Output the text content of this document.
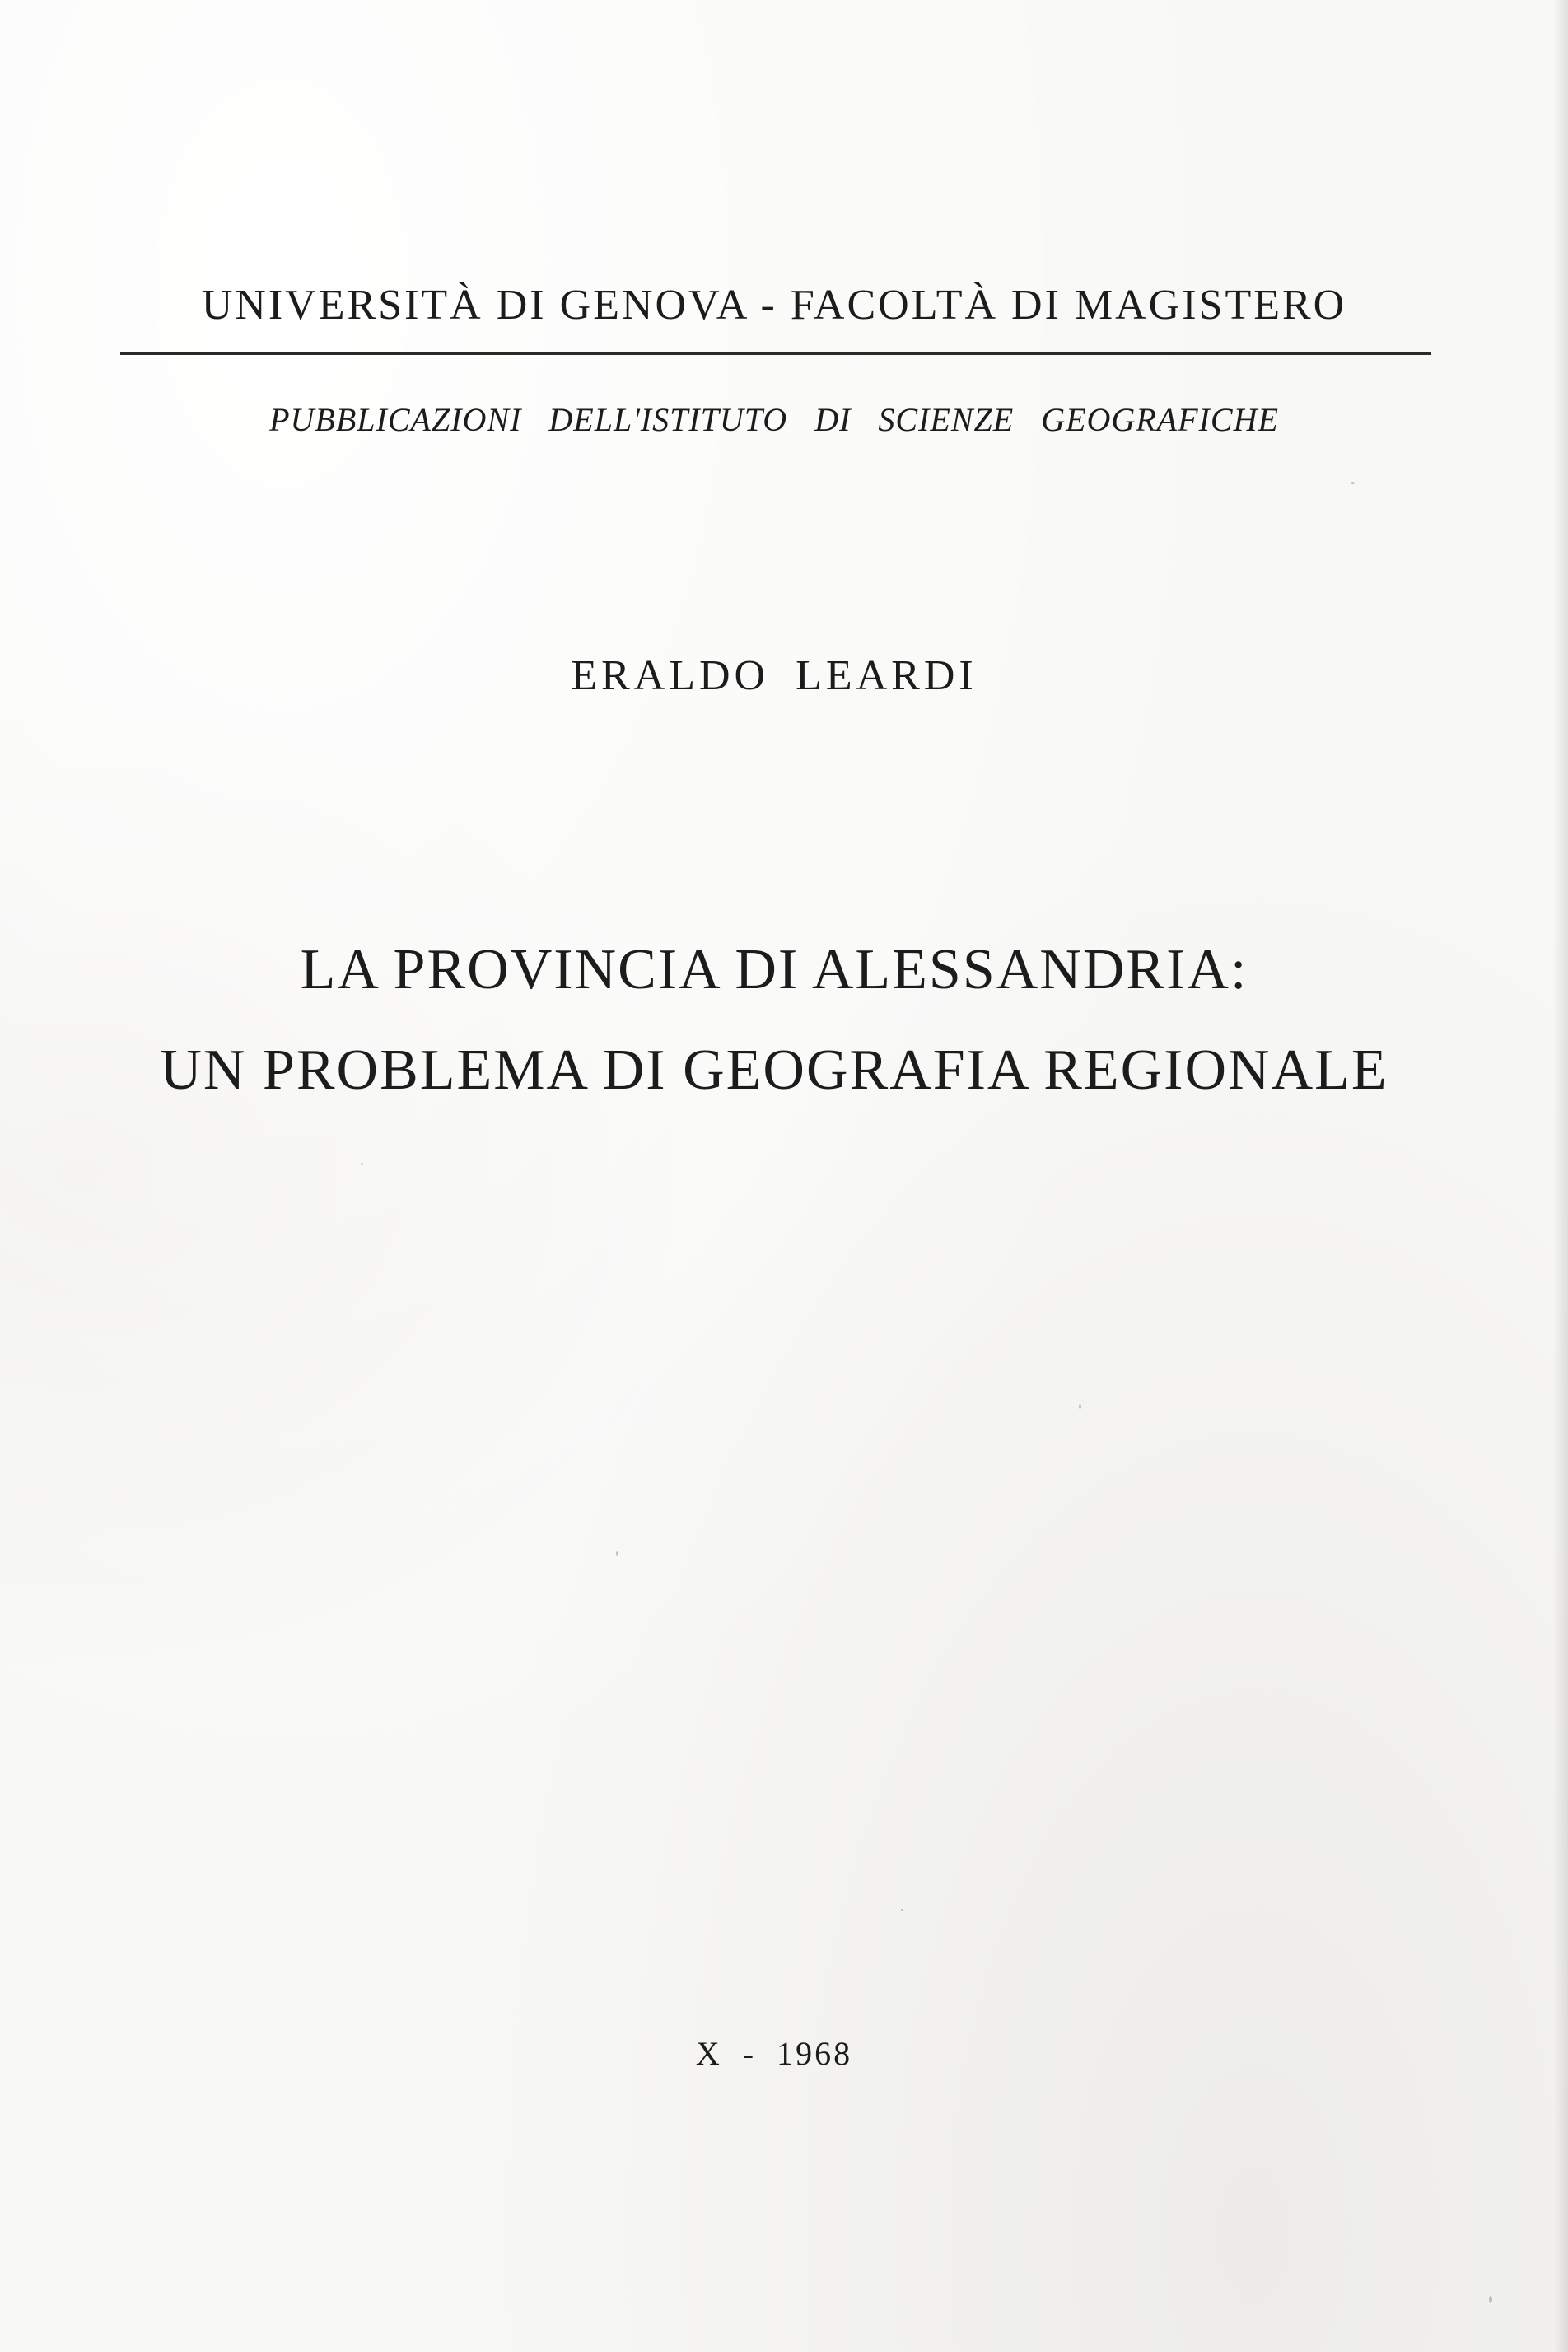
UNIVERSITÀ DI GENOVA - FACOLTÀ DI MAGISTERO
PUBBLICAZIONI DELL'ISTITUTO DI SCIENZE GEOGRAFICHE
ERALDO LEARDI
LA PROVINCIA DI ALESSANDRIA:
UN PROBLEMA DI GEOGRAFIA REGIONALE
X - 1968
